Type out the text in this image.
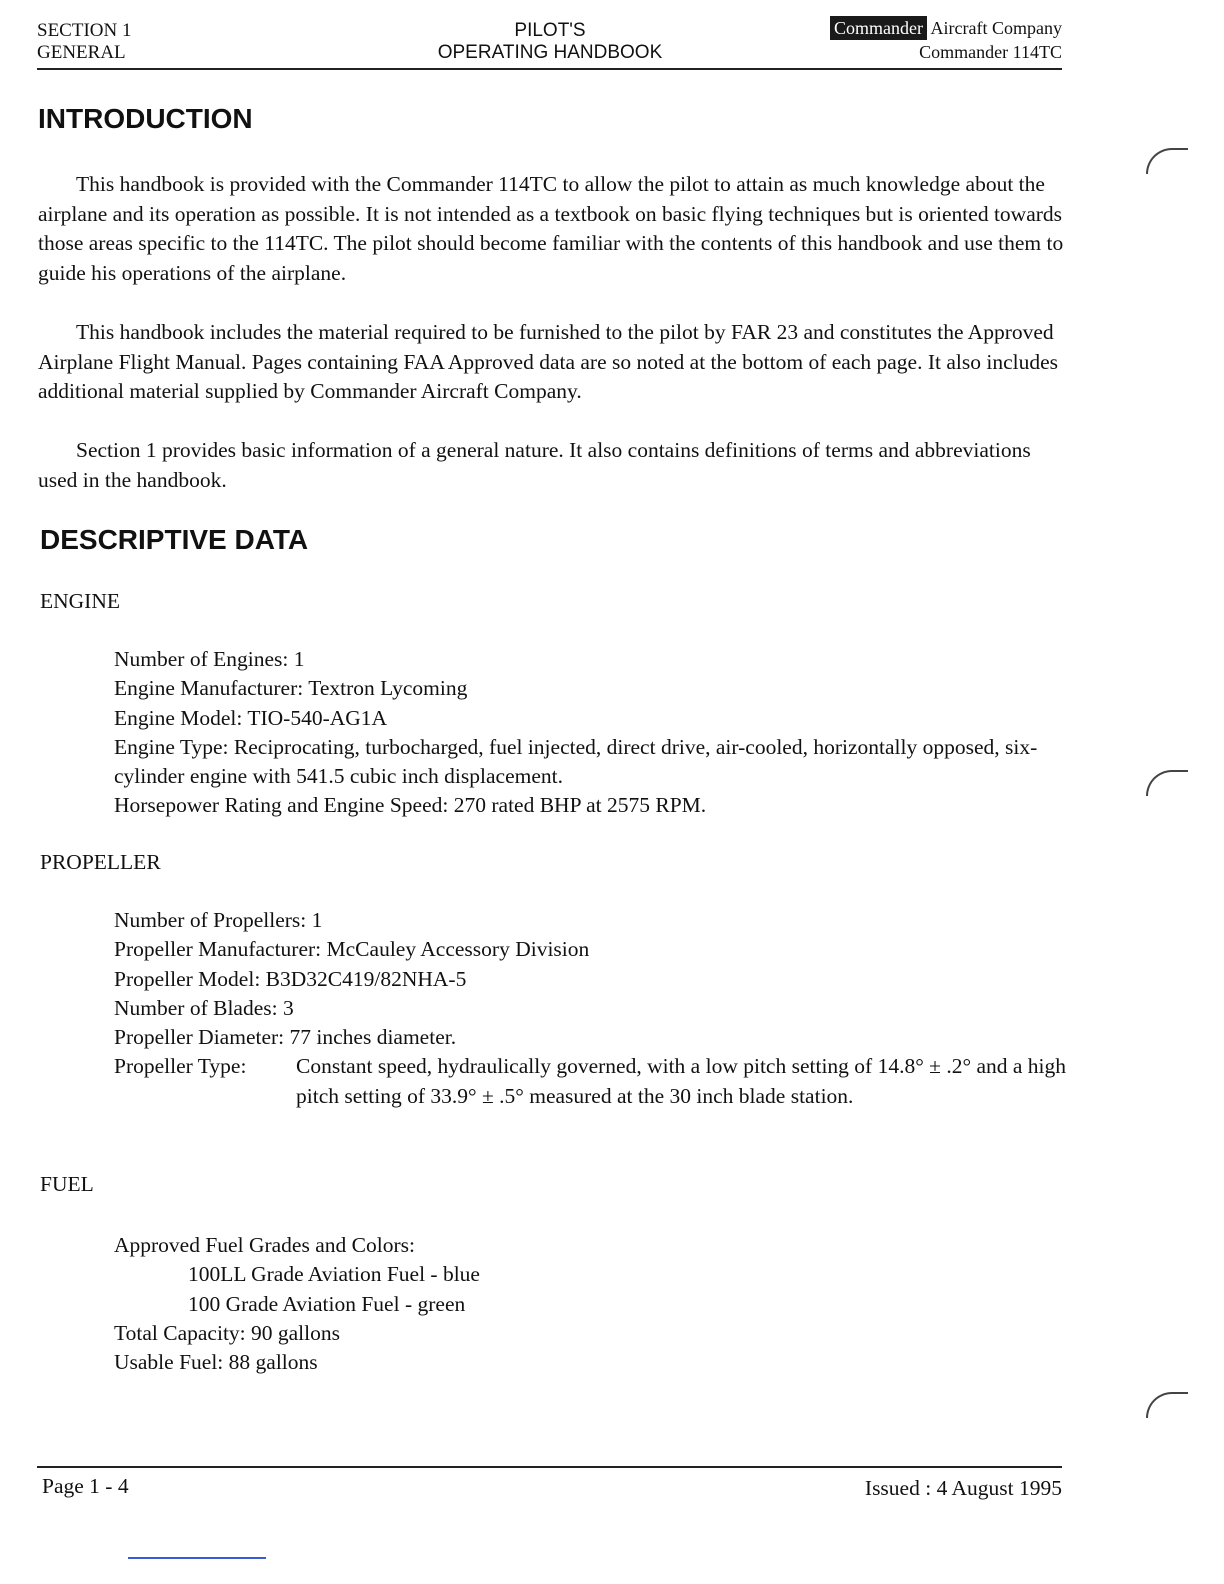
SECTION 1
GENERAL
PILOT'S
OPERATING HANDBOOK
Commander Aircraft Company
Commander 114TC
INTRODUCTION

This handbook is provided with the Commander 114TC to allow the pilot to attain as much knowledge about the airplane and its operation as possible. It is not intended as a textbook on basic flying techniques but is oriented towards those areas specific to the 114TC. The pilot should become familiar with the contents of this handbook and use them to guide his operations of the airplane.

This handbook includes the material required to be furnished to the pilot by FAR 23 and constitutes the Approved Airplane Flight Manual. Pages containing FAA Approved data are so noted at the bottom of each page. It also includes additional material supplied by Commander Aircraft Company.

Section 1 provides basic information of a general nature. It also contains definitions of terms and abbreviations used in the handbook.

DESCRIPTIVE DATA
ENGINE
Number of Engines: 1
Engine Manufacturer: Textron Lycoming
Engine Model: TIO-540-AG1A
Engine Type: Reciprocating, turbocharged, fuel injected, direct drive, air-cooled, horizontally opposed, six-cylinder engine with 541.5 cubic inch displacement.
Horsepower Rating and Engine Speed: 270 rated BHP at 2575 RPM.
PROPELLER
Number of Propellers: 1
Propeller Manufacturer: McCauley Accessory Division
Propeller Model: B3D32C419/82NHA-5
Number of Blades: 3
Propeller Diameter: 77 inches diameter.
Propeller Type:	Constant speed, hydraulically governed, with a low pitch setting of 14.8° ± .2° and a high pitch setting of 33.9° ± .5° measured at the 30 inch blade station.
FUEL
Approved Fuel Grades and Colors:
100LL Grade Aviation Fuel - blue
100 Grade Aviation Fuel - green
Total Capacity: 90 gallons
Usable Fuel: 88 gallons
Page 1 - 4	Issued : 4 August 1995
